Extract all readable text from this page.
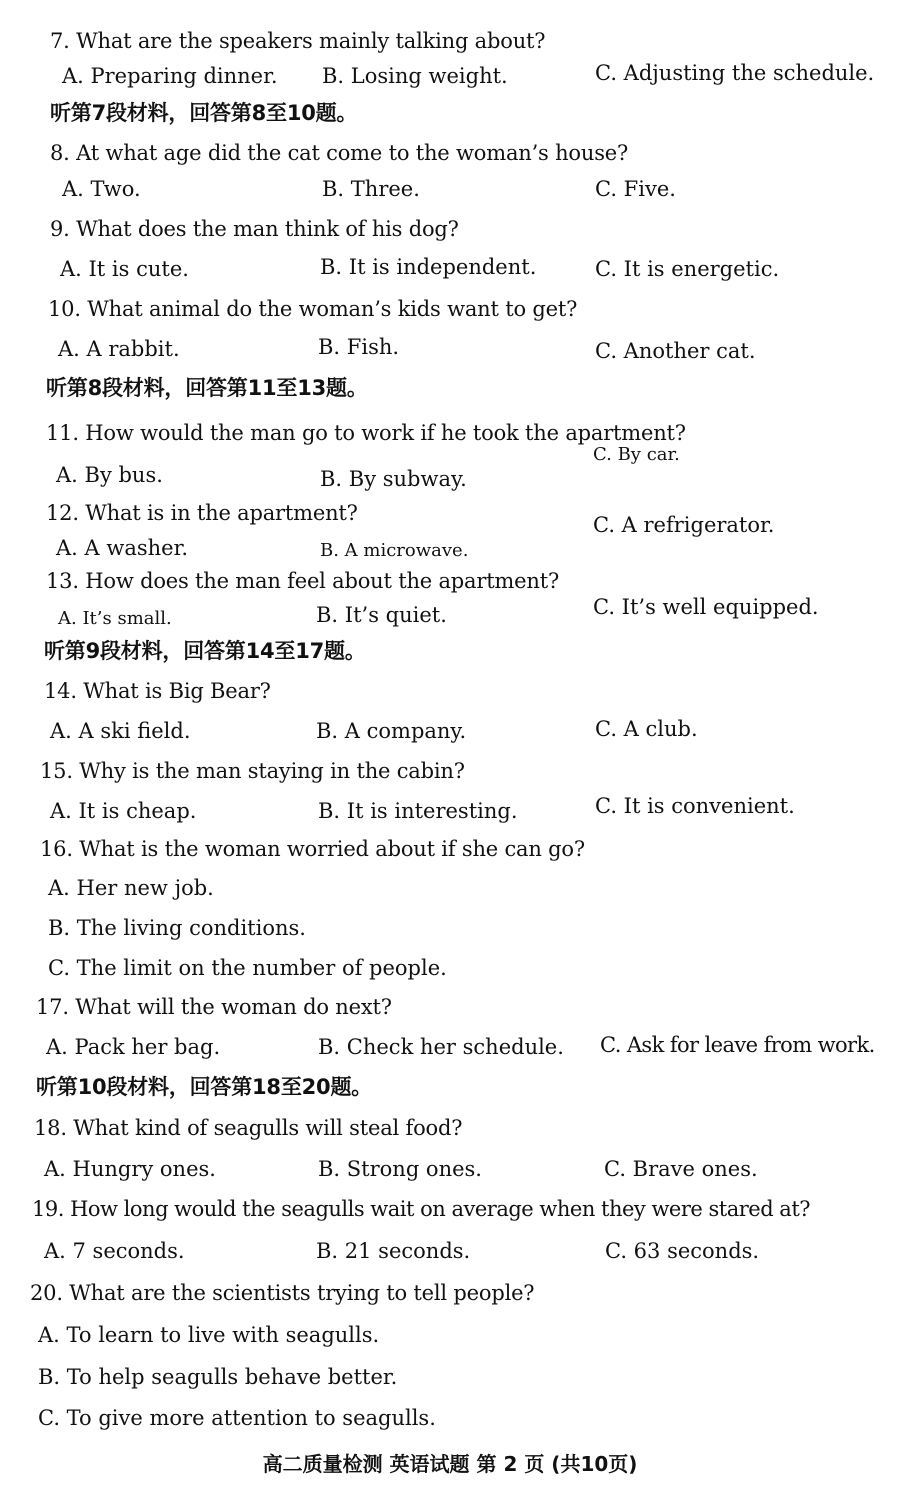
7. What are the speakers mainly talking about?
A. Preparing dinner. B. Losing weight.	C. Adjusting the schedule.
听第7段材料，回答第8至10题。
8. At what age did the cat come to the woman’s house?
A. Two.	B. Three.	C. Five.
9. What does the man think of his dog?
A. It is cute.	B. It is independent.	C. It is energetic.
10. What animal do the woman’s kids want to get?
A. A rabbit.	B. Fish.	C. Another cat.
听第8段材料，回答第11至13题。
11. How would the man go to work if he took the apartment?
A. By bus.	B. By subway.
C. By car.
12. What is in the apartment?
A. A washer.	B. A microwave.
C. A refrigerator.
13. How does the man feel about the apartment?
A. It’s small.	B. It’s quiet.	C. It’s well equipped.
听第9段材料，回答第14至17题。
14. What is Big Bear?
A. A ski field.	B. A company.	C. A club.
15. Why is the man staying in the cabin?
A. It is cheap.	B. It is interesting.	C. It is convenient.
16. What is the woman worried about if she can go?
A. Her new job.
B. The living conditions.
C. The limit on the number of people.
17. What will the woman do next?
A. Pack her bag.	B. Check her schedule. C. Ask for leave from work.
听第10段材料，回答第18至20题。
18. What kind of seagulls will steal food?
A. Hungry ones.	B. Strong ones.	C. Brave ones.
19. How long would the seagulls wait on average when they were stared at?
A. 7 seconds.	B. 21 seconds.	C. 63 seconds.
20. What are the scientists trying to tell people?
A. To learn to live with seagulls.
B. To help seagulls behave better.
C. To give more attention to seagulls.
高二质量检测 英语试题 第 2 页 (共10页)
